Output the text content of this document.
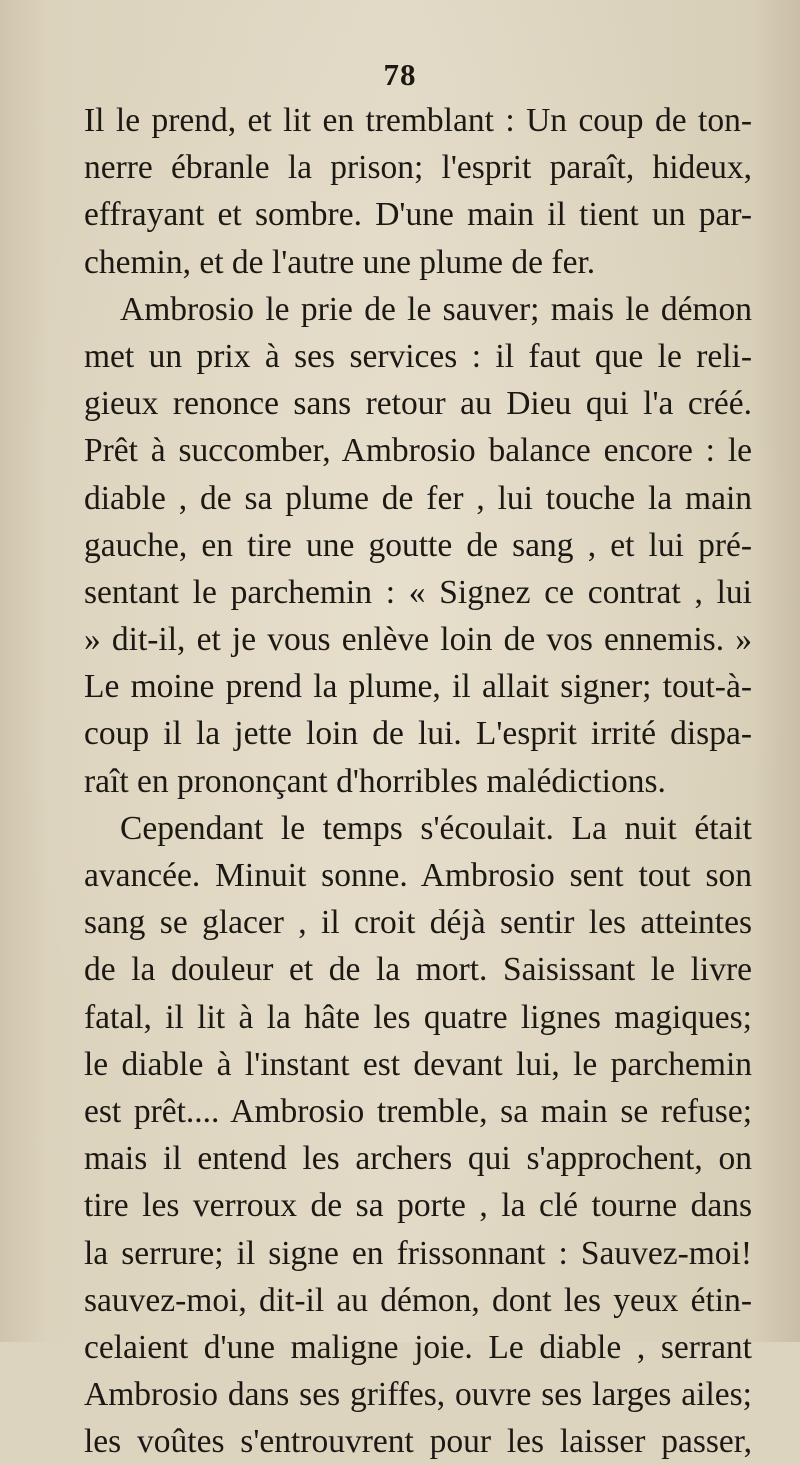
78
Il le prend, et lit en tremblant : Un coup de ton-
nerre ébranle la prison; l'esprit paraît, hideux,
effrayant et sombre. D'une main il tient un par-
chemin, et de l'autre une plume de fer.
Ambrosio le prie de le sauver; mais le démon
met un prix à ses services : il faut que le reli-
gieux renonce sans retour au Dieu qui l'a créé.
Prêt à succomber, Ambrosio balance encore : le
diable , de sa plume de fer , lui touche la main
gauche, en tire une goutte de sang , et lui pré-
sentant le parchemin : « Signez ce contrat , lui
» dit-il, et je vous enlève loin de vos ennemis. »
Le moine prend la plume, il allait signer; tout-à-
coup il la jette loin de lui. L'esprit irrité dispa-
raît en prononçant d'horribles malédictions.
Cependant le temps s'écoulait. La nuit était
avancée. Minuit sonne. Ambrosio sent tout son
sang se glacer , il croit déjà sentir les atteintes
de la douleur et de la mort. Saisissant le livre
fatal, il lit à la hâte les quatre lignes magiques;
le diable à l'instant est devant lui, le parchemin
est prêt.... Ambrosio tremble, sa main se refuse;
mais il entend les archers qui s'approchent, on
tire les verroux de sa porte , la clé tourne dans
la serrure; il signe en frissonnant : Sauvez-moi!
sauvez-moi, dit-il au démon, dont les yeux étin-
celaient d'une maligne joie. Le diable , serrant
Ambrosio dans ses griffes, ouvre ses larges ailes;
les voûtes s'entrouvrent pour les laisser passer,
